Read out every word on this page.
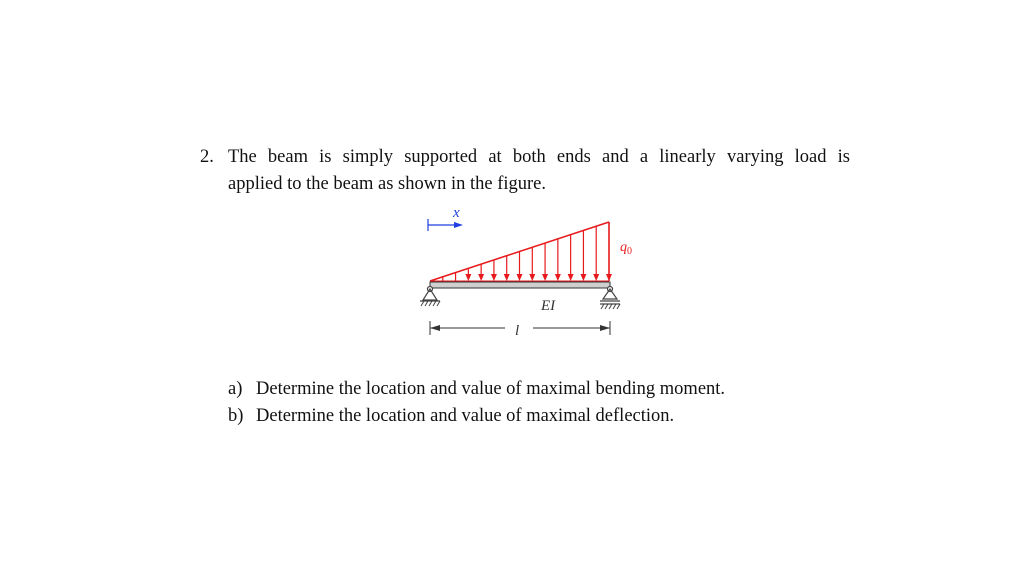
2. The beam is simply supported at both ends and a linearly varying load is
applied to the beam as shown in the figure.
x
$q_0$
EI
l
a) Determine the location and value of maximal bending moment.
b) Determine the location and value of maximal deflection.
